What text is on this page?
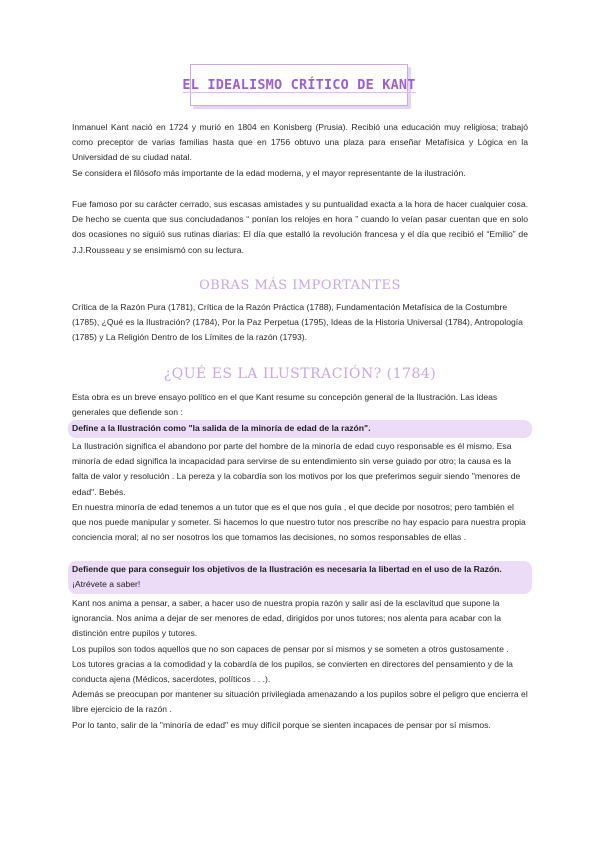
EL IDEALISMO CRÍTICO DE KANT

Inmanuel Kant nació en 1724 y murió en 1804 en Konisberg (Prusia). Recibió una educación muy religiosa; trabajó como preceptor de varias familias hasta que en 1756 obtuvo una plaza para enseñar Metafísica y Lógica en la Universidad de su ciudad natal.

Se considera el filósofo más importante de la edad moderna, y el mayor representante de la ilustración.

Fue famoso por su carácter cerrado, sus escasas amistades y su puntualidad exacta a la hora de hacer cualquier cosa. De hecho se cuenta que sus conciudadanos “ ponían los relojes en hora ” cuando lo veían pasar cuentan que en solo dos ocasiones no siguió sus rutinas diarias: El día que estalló la revolución francesa y el día que recibió el “Emilio” de J.J.Rousseau y se ensimismó con su lectura.

OBRAS MÁS IMPORTANTES

Crítica de la Razón Pura (1781), Crítica de la Razón Práctica (1788), Fundamentación Metafísica de la Costumbre (1785), ¿Qué es la Ilustración? (1784), Por la Paz Perpetua (1795), Ideas de la Historia Universal (1784), Antropología (1785) y La Religión Dentro de los Límites de la razón (1793).

¿QUÉ ES LA ILUSTRACIÓN? (1784)

Esta obra es un breve ensayo político en el que Kant resume su concepción general de la Ilustración. Las ideas generales que defiende son :

Define a la Ilustración como "la salida de la minoría de edad de la razón".

La Ilustración significa el abandono por parte del hombre de la minoría de edad cuyo responsable es él mismo. Esa minoría de edad significa la incapacidad para servirse de su entendimiento sin verse guiado por otro; la causa es la falta de valor y resolución . La pereza y la cobardía son los motivos por los que preferimos seguir siendo "menores de edad". Bebés.

En nuestra minoría de edad tenemos a un tutor que es el que nos guía , el que decide por nosotros; pero también el que nos puede manipular y someter. Si hacemos lo que nuestro tutor nos prescribe no hay espacio para nuestra propia conciencia moral; al no ser nosotros los que tomamos las decisiones, no somos responsables de ellas .

Defiende que para conseguir los objetivos de la Ilustración es necesaria la libertad en el uso de la Razón. ¡Atrévete a saber!

Kant nos anima a pensar, a saber, a hacer uso de nuestra propia razón y salir así de la esclavitud que supone la ignorancia. Nos anima a dejar de ser menores de edad, dirigidos por unos tutores; nos alenta para acabar con la distinción entre pupilos y tutores.
Los pupilos son todos aquellos que no son capaces de pensar por sí mismos y se someten a otros gustosamente .
Los tutores gracias a la comodidad y la cobardía de los pupilos, se convierten en directores del pensamiento y de la conducta ajena (Médicos, sacerdotes, políticos . . .).
Además se preocupan por mantener su situación privilegiada amenazando a los pupilos sobre el peligro que encierra el libre ejercicio de la razón .
Por lo tanto, salir de la "minoría de edad" es muy difícil porque se sienten incapaces de pensar por sí mismos.
